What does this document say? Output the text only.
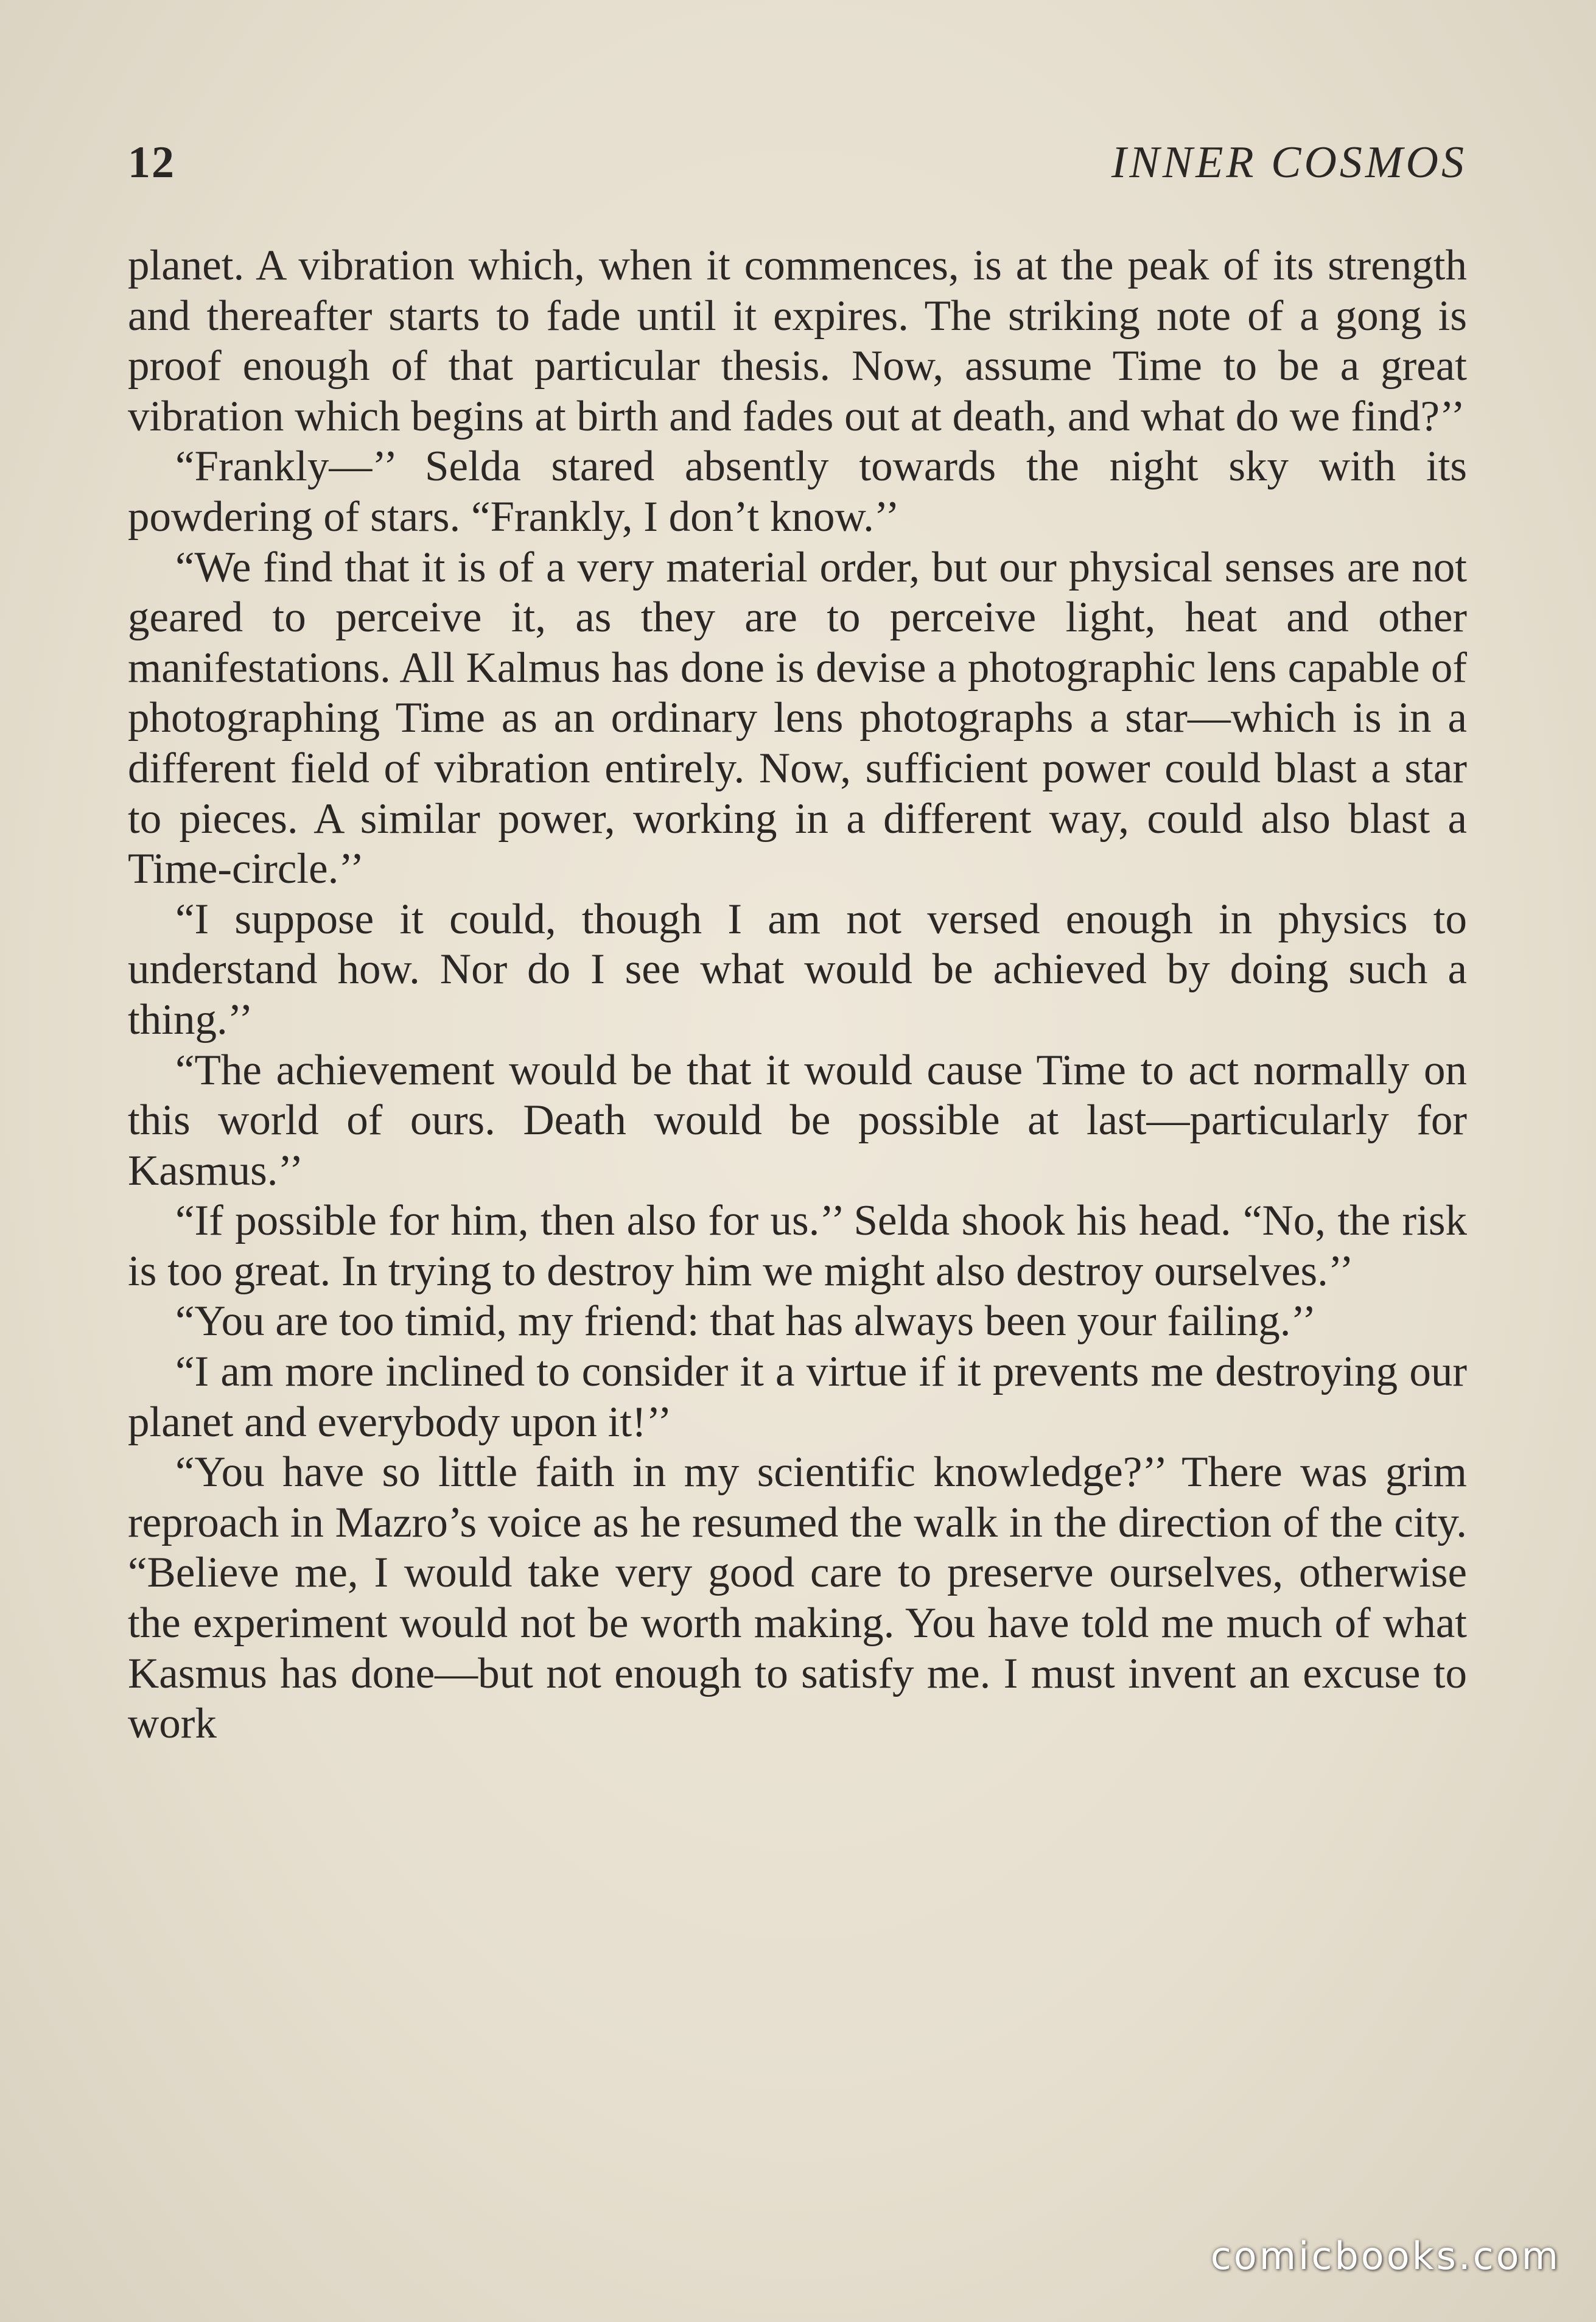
12	INNER COSMOS

planet. A vibration which, when it commences, is at the peak of its strength and thereafter starts to fade until it expires. The striking note of a gong is proof enough of that particular thesis. Now, assume Time to be a great vibration which begins at birth and fades out at death, and what do we find?’’

“Frankly—’’ Selda stared absently towards the night sky with its powdering of stars. “Frankly, I don’t know.’’

“We find that it is of a very material order, but our physical senses are not geared to perceive it, as they are to perceive light, heat and other manifestations. All Kalmus has done is devise a photographic lens capable of photographing Time as an ordinary lens photographs a star—which is in a different field of vibration entirely. Now, sufficient power could blast a star to pieces. A similar power, working in a different way, could also blast a Time-circle.’’

“I suppose it could, though I am not versed enough in physics to understand how. Nor do I see what would be achieved by doing such a thing.’’

“The achievement would be that it would cause Time to act normally on this world of ours. Death would be possible at last—particularly for Kasmus.’’

“If possible for him, then also for us.’’ Selda shook his head. “No, the risk is too great. In trying to destroy him we might also destroy ourselves.’’

“You are too timid, my friend: that has always been your failing.’’

“I am more inclined to consider it a virtue if it prevents me destroying our planet and everybody upon it!’’

“You have so little faith in my scientific knowledge?’’ There was grim reproach in Mazro’s voice as he resumed the walk in the direction of the city. “Believe me, I would take very good care to preserve ourselves, otherwise the experiment would not be worth making. You have told me much of what Kasmus has done—but not enough to satisfy me. I must invent an excuse to work

comicbooks.com
